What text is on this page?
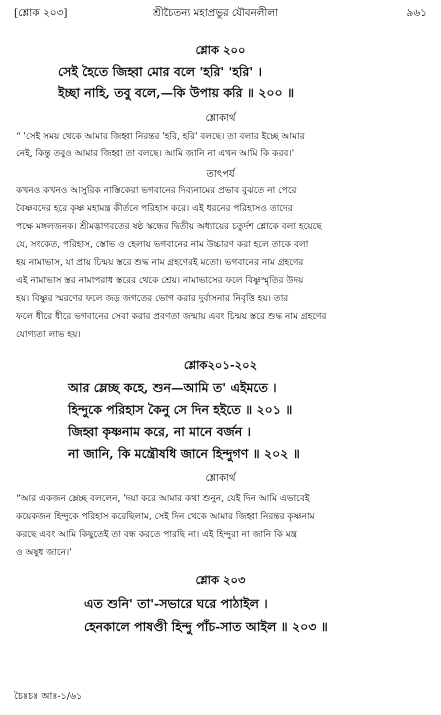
[শ্লোক ২০৩]	শ্রীচৈতন্য মহাপ্রভুর যৌবনলীলা	৯৬১
শ্লোক ২০০
সেই হৈতে জিহ্বা মোর বলে 'হরি' 'হরি' ।
ইচ্ছা নাহি, তবু বলে,—কি উপায় করি ॥ ২০০ ॥
শ্লোকার্থ
“ 'সেই সময় থেকে আমার জিহ্বা নিরন্তর 'হরি, হরি' বলছে। তা বলার ইচ্ছে আমার
নেই, কিন্তু তবুও আমার জিহ্বা তা বলছে। আমি জানি না এখন আমি কি করব।'
তাৎপর্য
কখনও কখনও আসুরিক নাস্তিকেরা ভগবানের দিব্যনামের প্রভাব বুঝতে না পেরে
বৈষ্ণবদের হরে কৃষ্ণ মহামন্ত্র কীর্তনে পরিহাস করে। এই ধরনের পরিহাসও তাদের
পক্ষে মঙ্গলজনক। শ্রীমদ্ভাগবতের ষষ্ঠ স্কন্ধের দ্বিতীয় অধ্যায়ের চতুর্দশ শ্লোকে বলা হয়েছে
যে, সংকেত, পরিহাস, স্তোভ ও হেলায় ভগবানের নাম উচ্চারণ করা হলে তাকে বলা
হয় নামাভাস, যা প্রায় চিন্ময় স্তরে শুদ্ধ নাম গ্রহণেরই মতো। ভগবানের নাম গ্রহণের
এই নামাভাস স্তর নামাপরাধ স্তরের থেকে শ্রেয়। নামাভাসের ফলে বিষ্ণুস্মৃতির উদয়
হয়। বিষ্ণুর স্মরণের ফলে জড় জগতের ভোগ করার দুর্বাসনার নিবৃত্তি হয়। তার
ফলে ধীরে ধীরে ভগবানের সেবা করার প্রবণতা জন্মায় এবং চিন্ময় স্তরে শুদ্ধ নাম গ্রহণের
যোগ্যতা লাভ হয়।
শ্লোক২০১-২০২
আর ম্লেচ্ছ কহে, শুন—আমি ত' এইমতে ।
হিন্দুকে পরিহাস কৈনু সে দিন হইতে ॥ ২০১ ॥
জিহ্বা কৃষ্ণনাম করে, না মানে বর্জন ।
না জানি, কি মন্ত্রৌষধি জানে হিন্দুগণ ॥ ২০২ ॥
শ্লোকার্থ
“আর একজন ম্লেচ্ছ বললেন, 'দয়া করে আমার কথা শুনুন, যেই দিন আমি এভাবেই
কয়েকজন হিন্দুকে পরিহাস করেছিলাম, সেই দিন থেকে আমার জিহ্বা নিরন্তর কৃষ্ণনাম
করছে এবং আমি কিছুতেই তা বন্ধ করতে পারছি না। এই হিন্দুরা না জানি কি মন্ত্র
ও অষুধ জানে।'
শ্লোক ২০৩
এত শুনি' তা'-সভারে ঘরে পাঠাইল ।
হেনকালে পাষণ্ডী হিন্দু পাঁচ-সাত আইল ॥ ২০৩ ॥
চৈঃচঃ আঃ-১/৬১
